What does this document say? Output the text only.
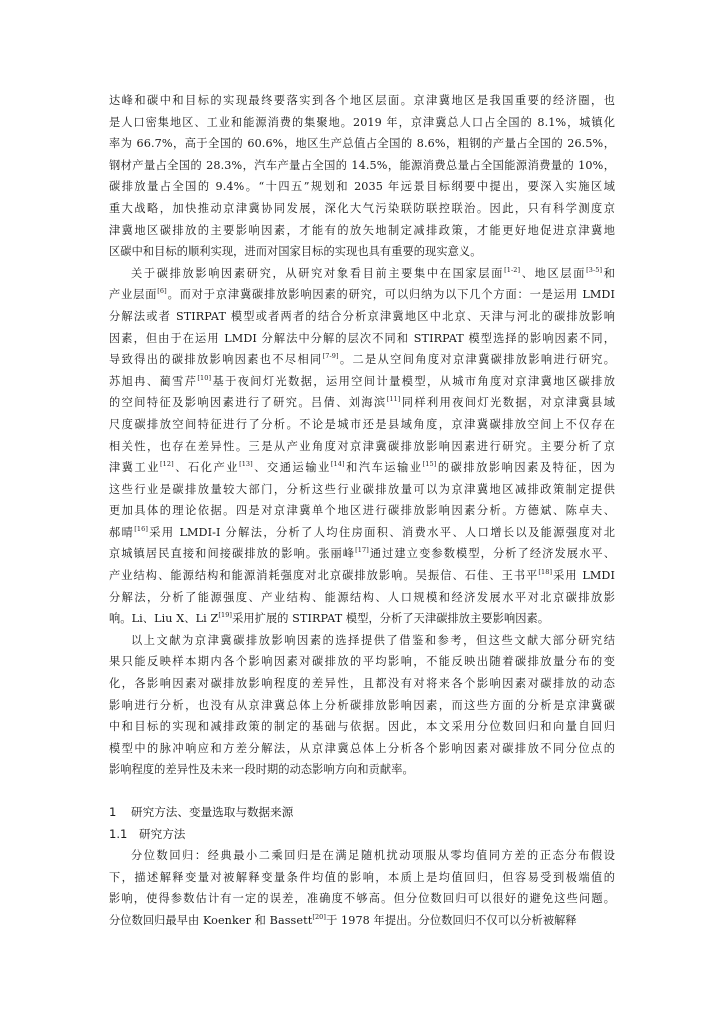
达峰和碳中和目标的实现最终要落实到各个地区层面。京津冀地区是我国重要的经济圈，也

是人口密集地区、工业和能源消费的集聚地。2019 年，京津冀总人口占全国的 8.1%，城镇化

率为 66.7%，高于全国的 60.6%，地区生产总值占全国的 8.6%，粗钢的产量占全国的 26.5%，

钢材产量占全国的 28.3%，汽车产量占全国的 14.5%，能源消费总量占全国能源消费量的 10%，

碳排放量占全国的 9.4%。“十四五”规划和 2035 年远景目标纲要中提出，要深入实施区域

重大战略，加快推动京津冀协同发展，深化大气污染联防联控联治。因此，只有科学测度京

津冀地区碳排放的主要影响因素，才能有的放矢地制定减排政策，才能更好地促进京津冀地

区碳中和目标的顺利实现，进而对国家目标的实现也具有重要的现实意义。

关于碳排放影响因素研究，从研究对象看目前主要集中在国家层面[1-2]、地区层面[3-5]和

产业层面[6]。而对于京津冀碳排放影响因素的研究，可以归纳为以下几个方面：一是运用 LMDI

分解法或者 STIRPAT 模型或者两者的结合分析京津冀地区中北京、天津与河北的碳排放影响

因素，但由于在运用 LMDI 分解法中分解的层次不同和 STIRPAT 模型选择的影响因素不同，

导致得出的碳排放影响因素也不尽相同[7-9]。二是从空间角度对京津冀碳排放影响进行研究。

苏旭冉、蔺雪芹[10]基于夜间灯光数据，运用空间计量模型，从城市角度对京津冀地区碳排放

的空间特征及影响因素进行了研究。吕倩、刘海滨[11]同样利用夜间灯光数据，对京津冀县域

尺度碳排放空间特征进行了分析。不论是城市还是县域角度，京津冀碳排放空间上不仅存在

相关性，也存在差异性。三是从产业角度对京津冀碳排放影响因素进行研究。主要分析了京

津冀工业[12]、石化产业[13]、交通运输业[14]和汽车运输业[15]的碳排放影响因素及特征，因为

这些行业是碳排放量较大部门，分析这些行业碳排放量可以为京津冀地区减排政策制定提供

更加具体的理论依据。四是对京津冀单个地区进行碳排放影响因素分析。方德斌、陈卓夫、

郝晴[16]采用 LMDI-I 分解法，分析了人均住房面积、消费水平、人口增长以及能源强度对北

京城镇居民直接和间接碳排放的影响。张丽峰[17]通过建立变参数模型，分析了经济发展水平、

产业结构、能源结构和能源消耗强度对北京碳排放影响。吴振信、石佳、王书平[18]采用 LMDI

分解法，分析了能源强度、产业结构、能源结构、人口规模和经济发展水平对北京碳排放影

响。Li、Liu X、Li Z[19]采用扩展的 STIRPAT 模型，分析了天津碳排放主要影响因素。

以上文献为京津冀碳排放影响因素的选择提供了借鉴和参考，但这些文献大部分研究结

果只能反映样本期内各个影响因素对碳排放的平均影响，不能反映出随着碳排放量分布的变

化，各影响因素对碳排放影响程度的差异性，且都没有对将来各个影响因素对碳排放的动态

影响进行分析，也没有从京津冀总体上分析碳排放影响因素，而这些方面的分析是京津冀碳

中和目标的实现和减排政策的制定的基础与依据。因此，本文采用分位数回归和向量自回归

模型中的脉冲响应和方差分解法，从京津冀总体上分析各个影响因素对碳排放不同分位点的

影响程度的差异性及未来一段时期的动态影响方向和贡献率。

1 研究方法、变量选取与数据来源
1.1 研究方法

分位数回归：经典最小二乘回归是在满足随机扰动项服从零均值同方差的正态分布假设

下，描述解释变量对被解释变量条件均值的影响，本质上是均值回归，但容易受到极端值的

影响，使得参数估计有一定的误差，准确度不够高。但分位数回归可以很好的避免这些问题。

分位数回归最早由 Koenker 和 Bassett[20]于 1978 年提出。分位数回归不仅可以分析被解释
